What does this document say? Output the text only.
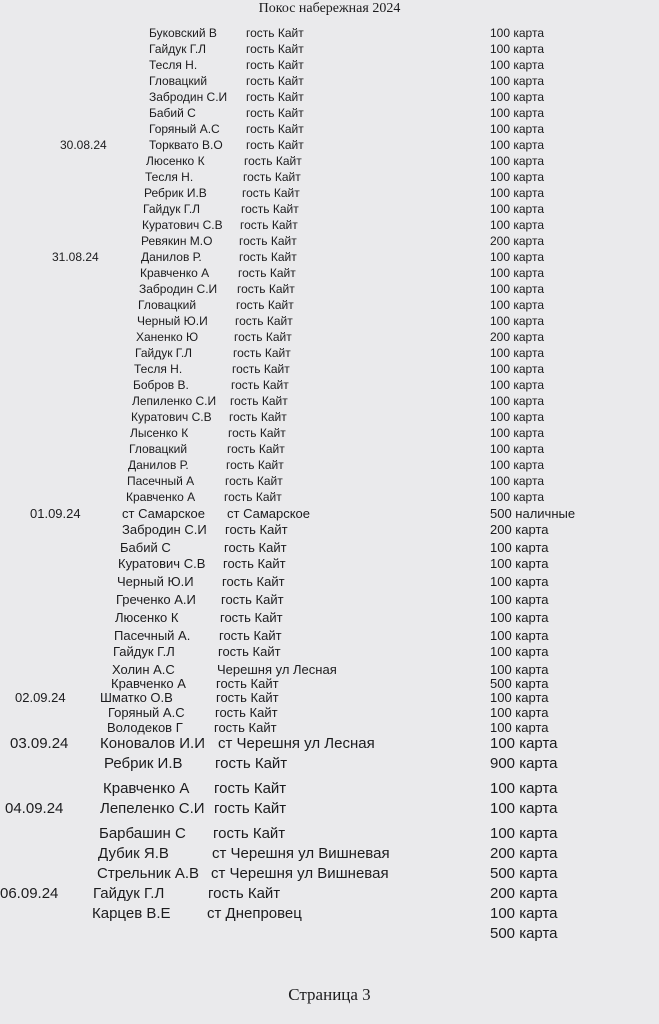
Покос набережная 2024
Буковский В гость Кайт	100 карта
Гайдук Г.Л	гость Кайт	100 карта
Тесля Н.	гость Кайт	100 карта
Гловацкий	гость Кайт	100 карта
Забродин С.И гость Кайт	100 карта
Бабий С	гость Кайт	100 карта
Горяный А.С гость Кайт	100 карта
30.08.24	Торквато В.О гость Кайт	100 карта
Люсенко К	гость Кайт	100 карта
Тесля Н.	гость Кайт	100 карта
Ребрик И.В	гость Кайт	100 карта
Гайдук Г.Л	гость Кайт	100 карта
Куратович С.В гость Кайт	100 карта
Ревякин М.О гость Кайт	200 карта
31.08.24	Данилов Р.	гость Кайт	100 карта
Кравченко А гость Кайт	100 карта
Забродин С.И гость Кайт	100 карта
Гловацкий	гость Кайт	100 карта
Черный Ю.И гость Кайт	100 карта
Ханенко Ю	гость Кайт	200 карта
Гайдук Г.Л	гость Кайт	100 карта
Тесля Н.	гость Кайт	100 карта
Бобров В.	гость Кайт	100 карта
Лепиленко С.И гость Кайт	100 карта
Куратович С.В гость Кайт	100 карта
Лысенко К	гость Кайт	100 карта
Гловацкий	гость Кайт	100 карта
Данилов Р.	гость Кайт	100 карта
Пасечный А	гость Кайт	100 карта
Кравченко А гость Кайт	100 карта
01.09.24	ст Самарское ст Самарское	500 наличные
Забродин С.И гость Кайт	200 карта
Бабий С	гость Кайт	100 карта
Куратович С.В гость Кайт	100 карта
Черный Ю.И гость Кайт	100 карта
Греченко А.И гость Кайт	100 карта
Люсенко К	гость Кайт	100 карта
Пасечный А. гость Кайт	100 карта
Гайдук Г.Л	гость Кайт	100 карта
Холин А.С	Черешня ул Лесная	100 карта
Кравченко А гость Кайт	500 карта
02.09.24	Шматко О.В	гость Кайт	100 карта
Горяный А.С гость Кайт	100 карта
Володеков Г гость Кайт	100 карта
03.09.24 Коновалов И.И ст Черешня ул Лесная	100 карта
Ребрик И.В гость Кайт	900 карта
Кравченко А гость Кайт	100 карта
04.09.24 Лепеленко С.И гость Кайт	100 карта
Барбашин С гость Кайт	100 карта
Дубик Я.В	ст Черешня ул Вишневая	200 карта
Стрельник А.В ст Черешня ул Вишневая	500 карта
06.09.24 Гайдук Г.Л	гость Кайт	200 карта
Карцев В.Е ст Днепровец	100 карта
500 карта
Страница 3
